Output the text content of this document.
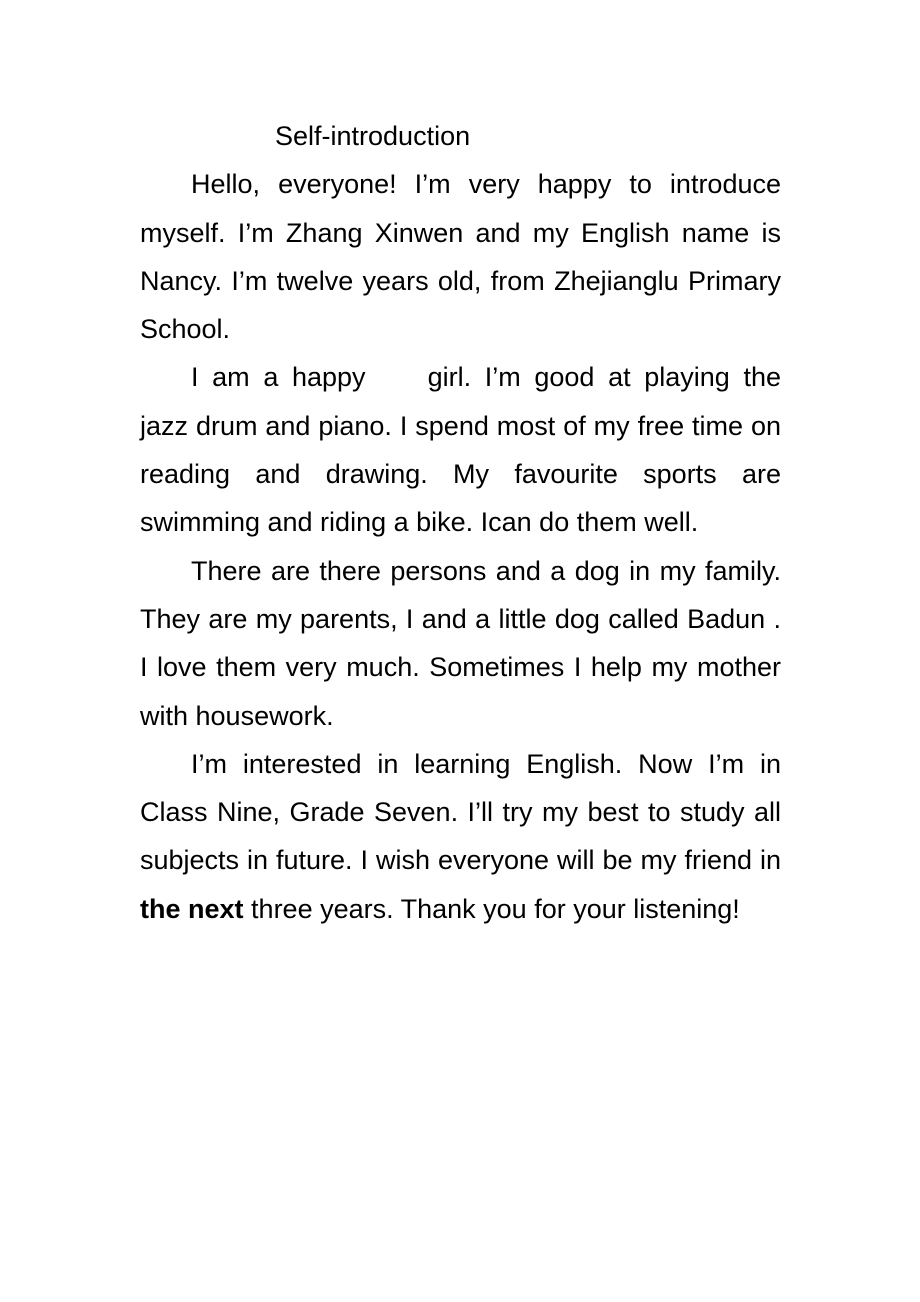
Self-introduction

Hello, everyone! I’m very happy to introduce myself. I’m Zhang Xinwen and my English name is Nancy. I’m twelve years old, from Zhejianglu Primary School.

I am a happy girl. I’m good at playing the jazz drum and piano. I spend most of my free time on reading and drawing. My favourite sports are swimming and riding a bike. Ican do them well.

There are there persons and a dog in my family. They are my parents, I and a little dog called Badun . I love them very much. Sometimes I help my mother with housework.

I’m interested in learning English. Now I’m in Class Nine, Grade Seven. I’ll try my best to study all subjects in future. I wish everyone will be my friend in the next three years. Thank you for your listening!
